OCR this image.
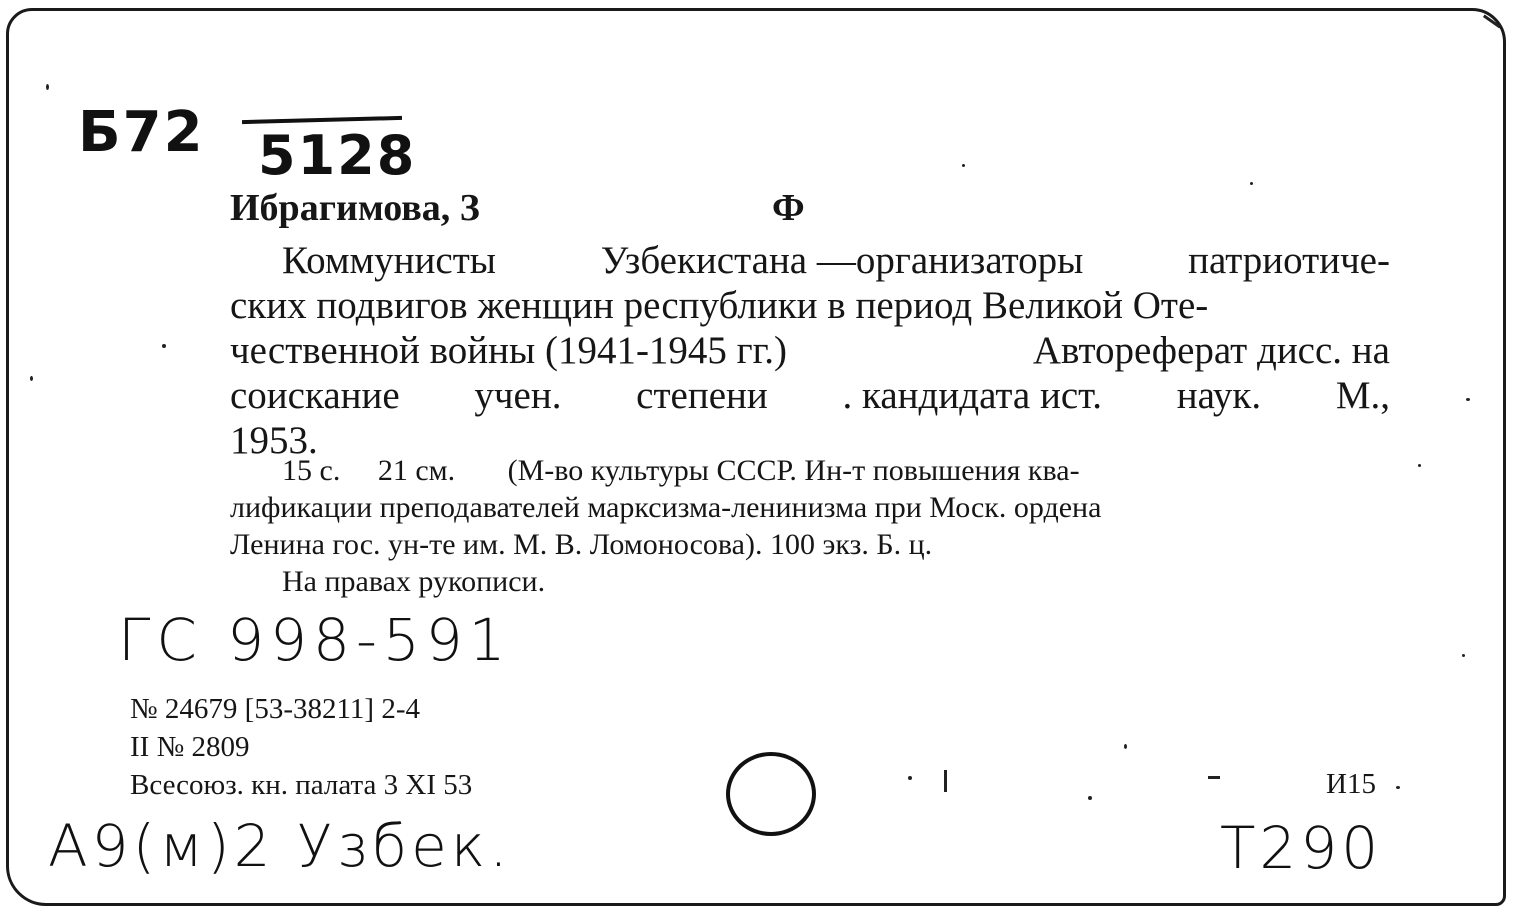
Б72 5128
Ибрагимова, З	Ф
Коммунисты	Узбекистана —организаторы	патриотиче-
ских подвигов женщин республики в период Великой Оте-
чественной войны (1941-1945 гг.)	Автореферат дисс. на
соискание учен. степени . кандидата ист. наук. М.,
1953.
15 с.     21 см.       (М-во культуры СССР. Ин-т повышения ква-
лификации преподавателей марксизма-ленинизма при Моск. ордена
Ленина гос. ун-те им. М. В. Ломоносова). 100 экз. Б. ц.
На правах рукописи.
ГС 998-591
№ 24679 [53-38211] 2-4
II № 2809
Всесоюз. кн. палата 3 XI 53	И15
А9(м)2 Узбек.	Т290
